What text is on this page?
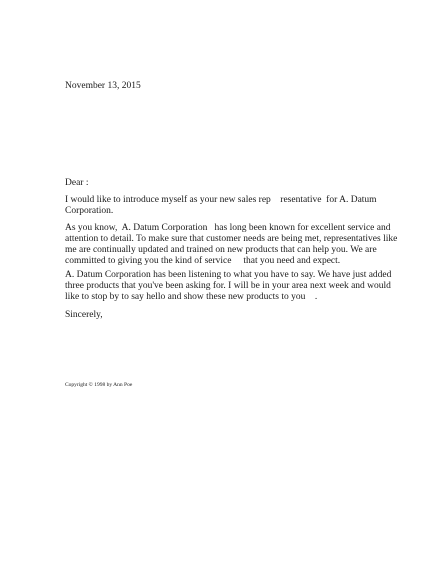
November 13, 2015
Dear :
I would like to introduce myself as your new sales rep    resentative  for A. Datum
Corporation.
As you know,  A. Datum Corporation   has long been known for excellent service and
attention to detail. To make sure that customer needs are being met, representatives like
me are continually updated and trained on new products that can help you. We are
committed to giving you the kind of service     that you need and expect.
A. Datum Corporation has been listening to what you have to say. We have just added
three products that you've been asking for. I will be in your area next week and would
like to stop by to say hello and show these new products to you    .
Sincerely,
Copyright © 1998 by Ann Poe
